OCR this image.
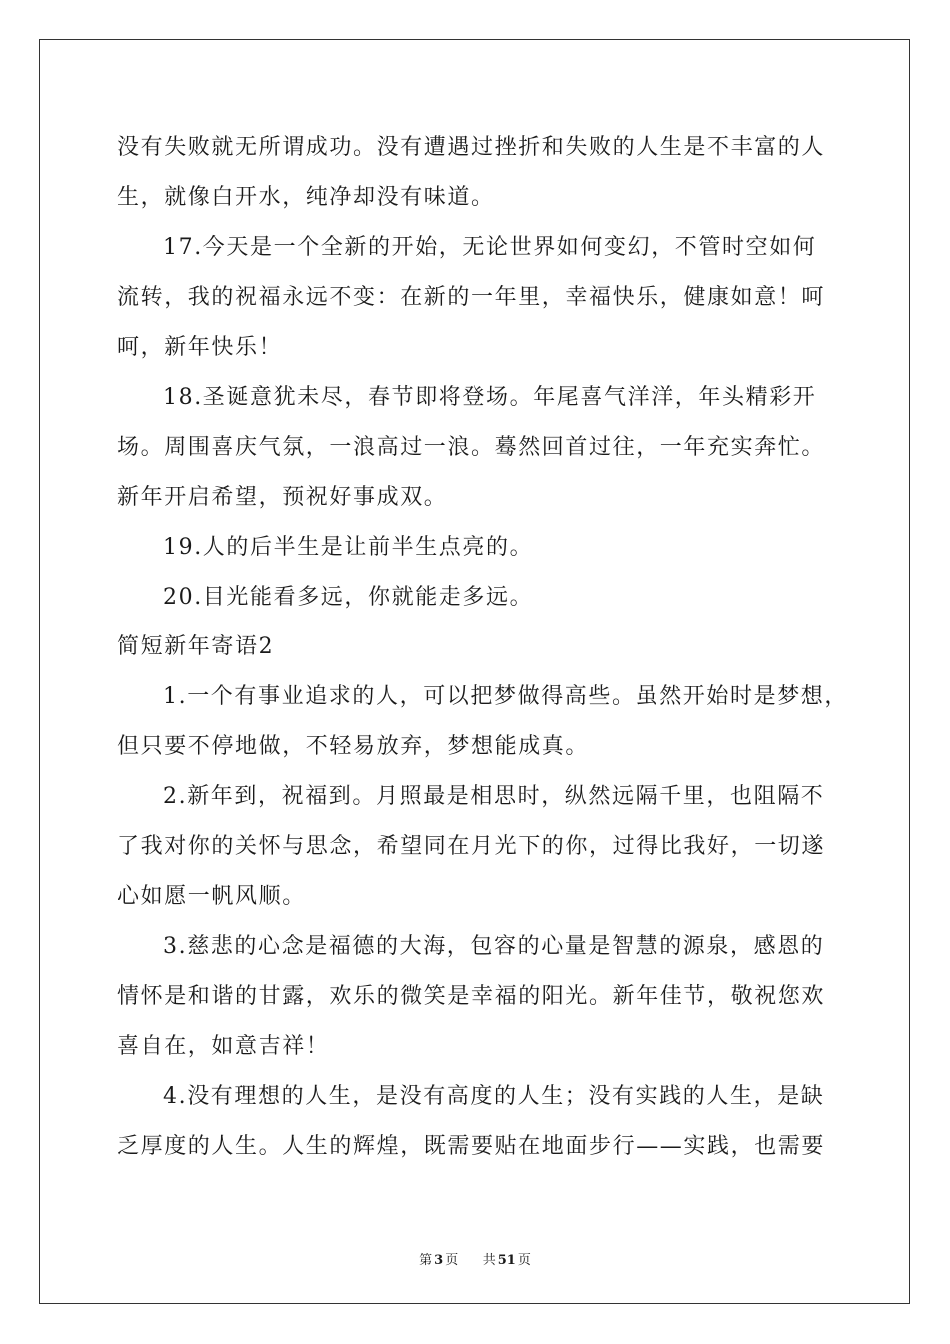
没有失败就无所谓成功。没有遭遇过挫折和失败的人生是不丰富的人
生，就像白开水，纯净却没有味道。
17.今天是一个全新的开始，无论世界如何变幻，不管时空如何
流转，我的祝福永远不变：在新的一年里，幸福快乐，健康如意！呵
呵，新年快乐！
18.圣诞意犹未尽，春节即将登场。年尾喜气洋洋，年头精彩开
场。周围喜庆气氛，一浪高过一浪。蓦然回首过往，一年充实奔忙。
新年开启希望，预祝好事成双。
19.人的后半生是让前半生点亮的。
20.目光能看多远，你就能走多远。
简短新年寄语2
1.一个有事业追求的人，可以把梦做得高些。虽然开始时是梦想，
但只要不停地做，不轻易放弃，梦想能成真。
2.新年到，祝福到。月照最是相思时，纵然远隔千里，也阻隔不
了我对你的关怀与思念，希望同在月光下的你，过得比我好，一切遂
心如愿一帆风顺。
3.慈悲的心念是福德的大海，包容的心量是智慧的源泉，感恩的
情怀是和谐的甘露，欢乐的微笑是幸福的阳光。新年佳节，敬祝您欢
喜自在，如意吉祥！
4.没有理想的人生，是没有高度的人生；没有实践的人生，是缺
乏厚度的人生。人生的辉煌，既需要贴在地面步行——实践，也需要
第 3 页 共 51 页
